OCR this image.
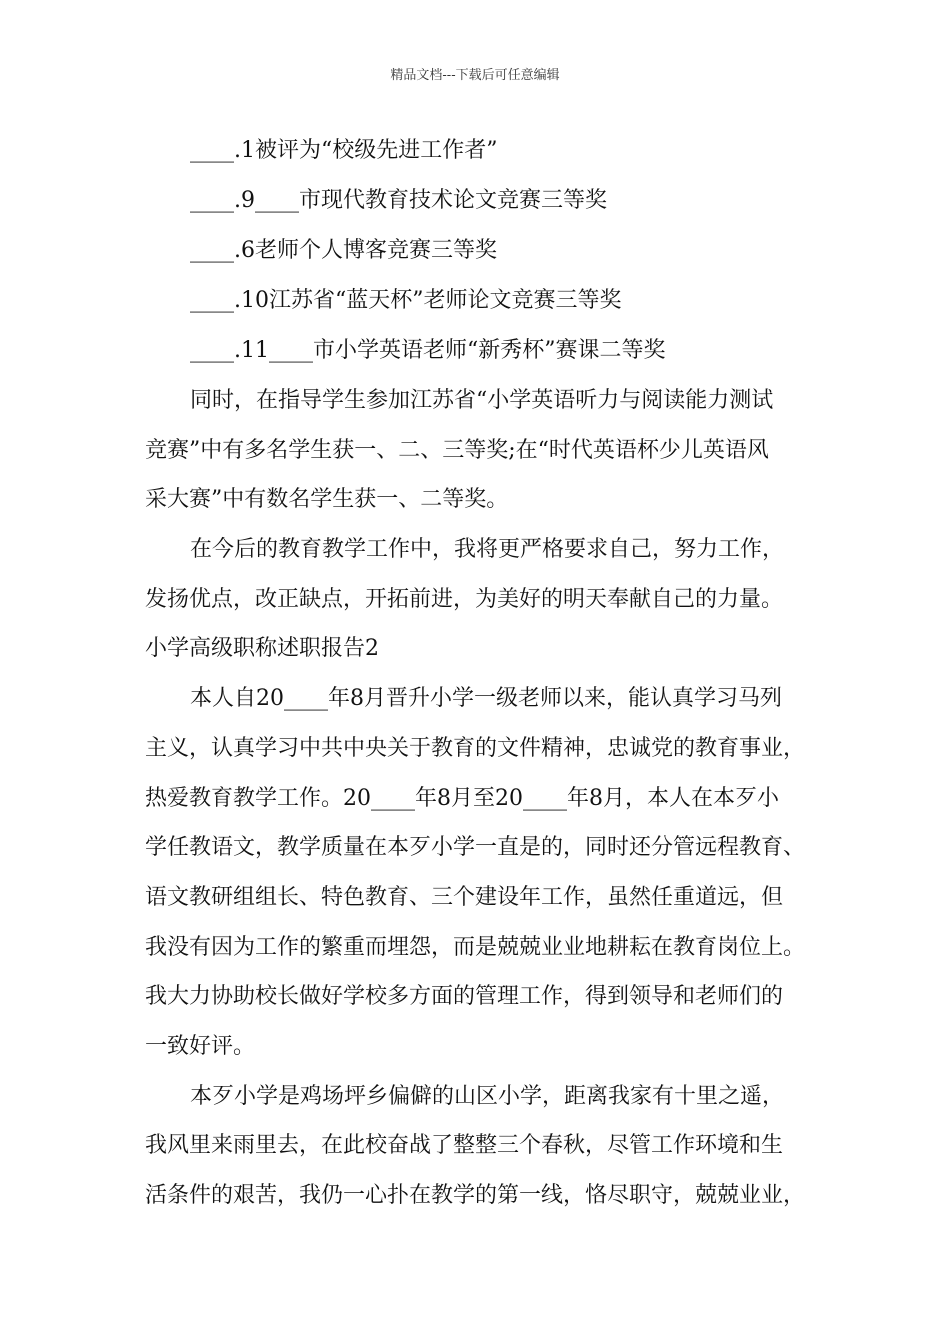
精品文档---下载后可任意编辑
____.1被评为“校级先进工作者”
____.9____市现代教育技术论文竞赛三等奖
____.6老师个人博客竞赛三等奖
____.10江苏省“蓝天杯”老师论文竞赛三等奖
____.11____市小学英语老师“新秀杯”赛课二等奖
同时，在指导学生参加江苏省“小学英语听力与阅读能力测试
竞赛”中有多名学生获一、二、三等奖;在“时代英语杯少儿英语风
采大赛”中有数名学生获一、二等奖。
在今后的教育教学工作中，我将更严格要求自己，努力工作，
发扬优点，改正缺点，开拓前进，为美好的明天奉献自己的力量。
小学高级职称述职报告2
本人自20____年8月晋升小学一级老师以来，能认真学习马列
主义，认真学习中共中央关于教育的文件精神，忠诚党的教育事业，
热爱教育教学工作。20____年8月至20____年8月，本人在本歹小
学任教语文，教学质量在本歹小学一直是的，同时还分管远程教育、
语文教研组组长、特色教育、三个建设年工作，虽然任重道远，但
我没有因为工作的繁重而埋怨，而是兢兢业业地耕耘在教育岗位上。
我大力协助校长做好学校多方面的管理工作，得到领导和老师们的
一致好评。
本歹小学是鸡场坪乡偏僻的山区小学，距离我家有十里之遥，
我风里来雨里去，在此校奋战了整整三个春秋，尽管工作环境和生
活条件的艰苦，我仍一心扑在教学的第一线，恪尽职守，兢兢业业，
